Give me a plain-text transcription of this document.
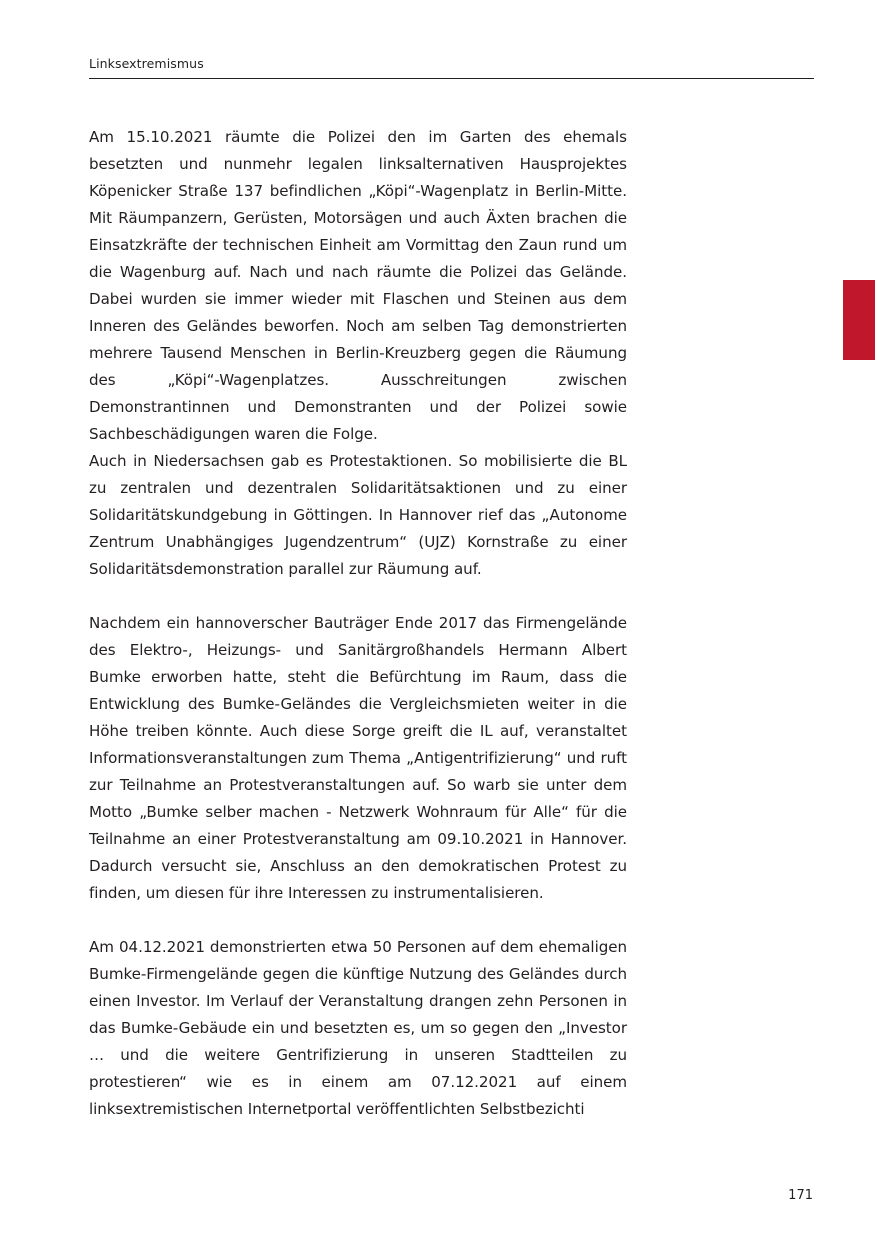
Linksextremismus

Am 15.10.2021 räumte die Polizei den im Garten des ehemals besetzten und nunmehr legalen linksalternativen Hausprojektes Köpenicker Straße 137 befindlichen „Köpi“-Wagenplatz in Berlin-Mitte. Mit Räumpanzern, Gerüsten, Motorsägen und auch Äxten brachen die Einsatzkräfte der technischen Einheit am Vormittag den Zaun rund um die Wagenburg auf. Nach und nach räumte die Polizei das Gelände. Dabei wurden sie immer wieder mit Flaschen und Steinen aus dem Inneren des Geländes beworfen. Noch am selben Tag demonstrierten mehrere Tausend Menschen in Berlin-Kreuzberg gegen die Räumung des „Köpi“-Wagenplatzes. Ausschreitungen zwischen Demonstrantinnen und Demonstranten und der Polizei sowie Sachbeschädigungen waren die Folge.

Auch in Niedersachsen gab es Protestaktionen. So mobilisierte die BL zu zentralen und dezentralen Solidaritätsaktionen und zu einer Solidaritätskundgebung in Göttingen. In Hannover rief das „Autonome Zentrum Unabhängiges Jugendzentrum“ (UJZ) Kornstraße zu einer Solidaritätsdemonstration parallel zur Räumung auf.

Nachdem ein hannoverscher Bauträger Ende 2017 das Firmengelände des Elektro-, Heizungs- und Sanitärgroßhandels Hermann Albert Bumke erworben hatte, steht die Befürchtung im Raum, dass die Entwicklung des Bumke-Geländes die Vergleichsmieten weiter in die Höhe treiben könnte. Auch diese Sorge greift die IL auf, veranstaltet Informationsveranstaltungen zum Thema „Antigentrifizierung“ und ruft zur Teilnahme an Protestveranstaltungen auf. So warb sie unter dem Motto „Bumke selber machen - Netzwerk Wohnraum für Alle“ für die Teilnahme an einer Protestveranstaltung am 09.10.2021 in Hannover. Dadurch versucht sie, Anschluss an den demokratischen Protest zu finden, um diesen für ihre Interessen zu instrumentalisieren.

Am 04.12.2021 demonstrierten etwa 50 Personen auf dem ehemaligen Bumke-Firmengelände gegen die künftige Nutzung des Geländes durch einen Investor. Im Verlauf der Veranstaltung drangen zehn Personen in das Bumke-Gebäude ein und besetzten es, um so gegen den „Investor … und die weitere Gentrifizierung in unseren Stadtteilen zu protestieren“ wie es in einem am 07.12.2021 auf einem linksextremistischen Internetportal veröffentlichten Selbstbezichti

171
